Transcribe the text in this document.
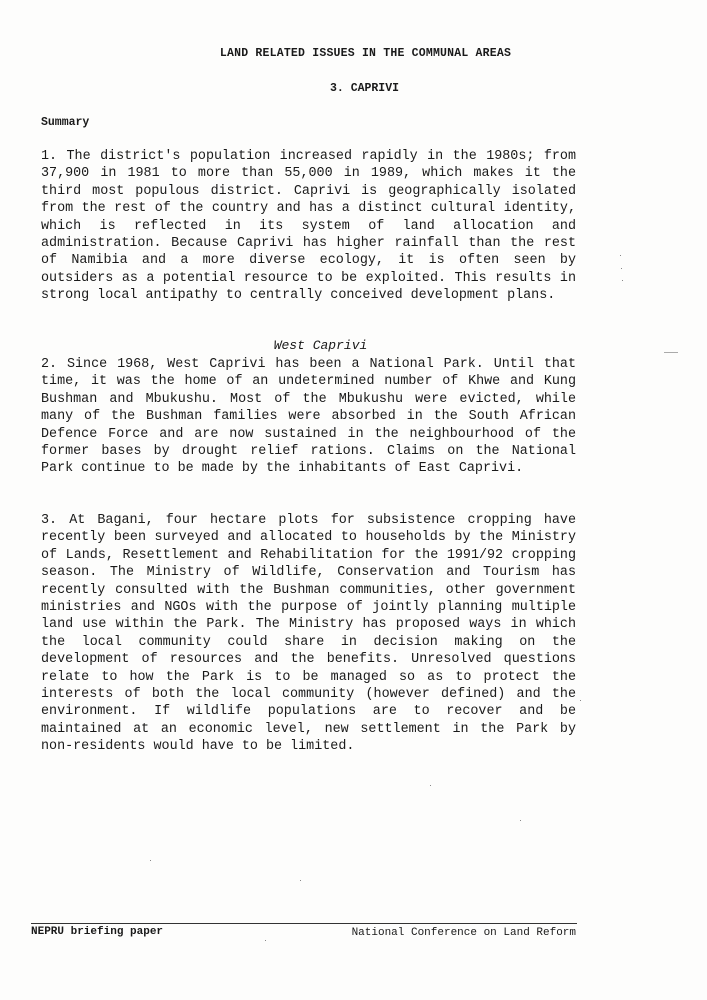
LAND RELATED ISSUES IN THE COMMUNAL AREAS
3. CAPRIVI
Summary

1. The district's population increased rapidly in the 1980s; from 37,900 in 1981 to more than 55,000 in 1989, which makes it the third most populous district. Caprivi is geographically isolated from the rest of the country and has a distinct cultural identity, which is reflected in its system of land allocation and administration. Because Caprivi has higher rainfall than the rest of Namibia and a more diverse ecology, it is often seen by outsiders as a potential resource to be exploited. This results in strong local antipathy to centrally conceived development plans.

West Caprivi

2. Since 1968, West Caprivi has been a National Park. Until that time, it was the home of an undetermined number of Khwe and Kung Bushman and Mbukushu. Most of the Mbukushu were evicted, while many of the Bushman families were absorbed in the South African Defence Force and are now sustained in the neighbourhood of the former bases by drought relief rations. Claims on the National Park continue to be made by the inhabitants of East Caprivi.

3. At Bagani, four hectare plots for subsistence cropping have recently been surveyed and allocated to households by the Ministry of Lands, Resettlement and Rehabilitation for the 1991/92 cropping season. The Ministry of Wildlife, Conservation and Tourism has recently consulted with the Bushman communities, other government ministries and NGOs with the purpose of jointly planning multiple land use within the Park. The Ministry has proposed ways in which the local community could share in decision making on the development of resources and the benefits. Unresolved questions relate to how the Park is to be managed so as to protect the interests of both the local community (however defined) and the environment. If wildlife populations are to recover and be maintained at an economic level, new settlement in the Park by non-residents would have to be limited.

NEPRU briefing paper	National Conference on Land Reform
